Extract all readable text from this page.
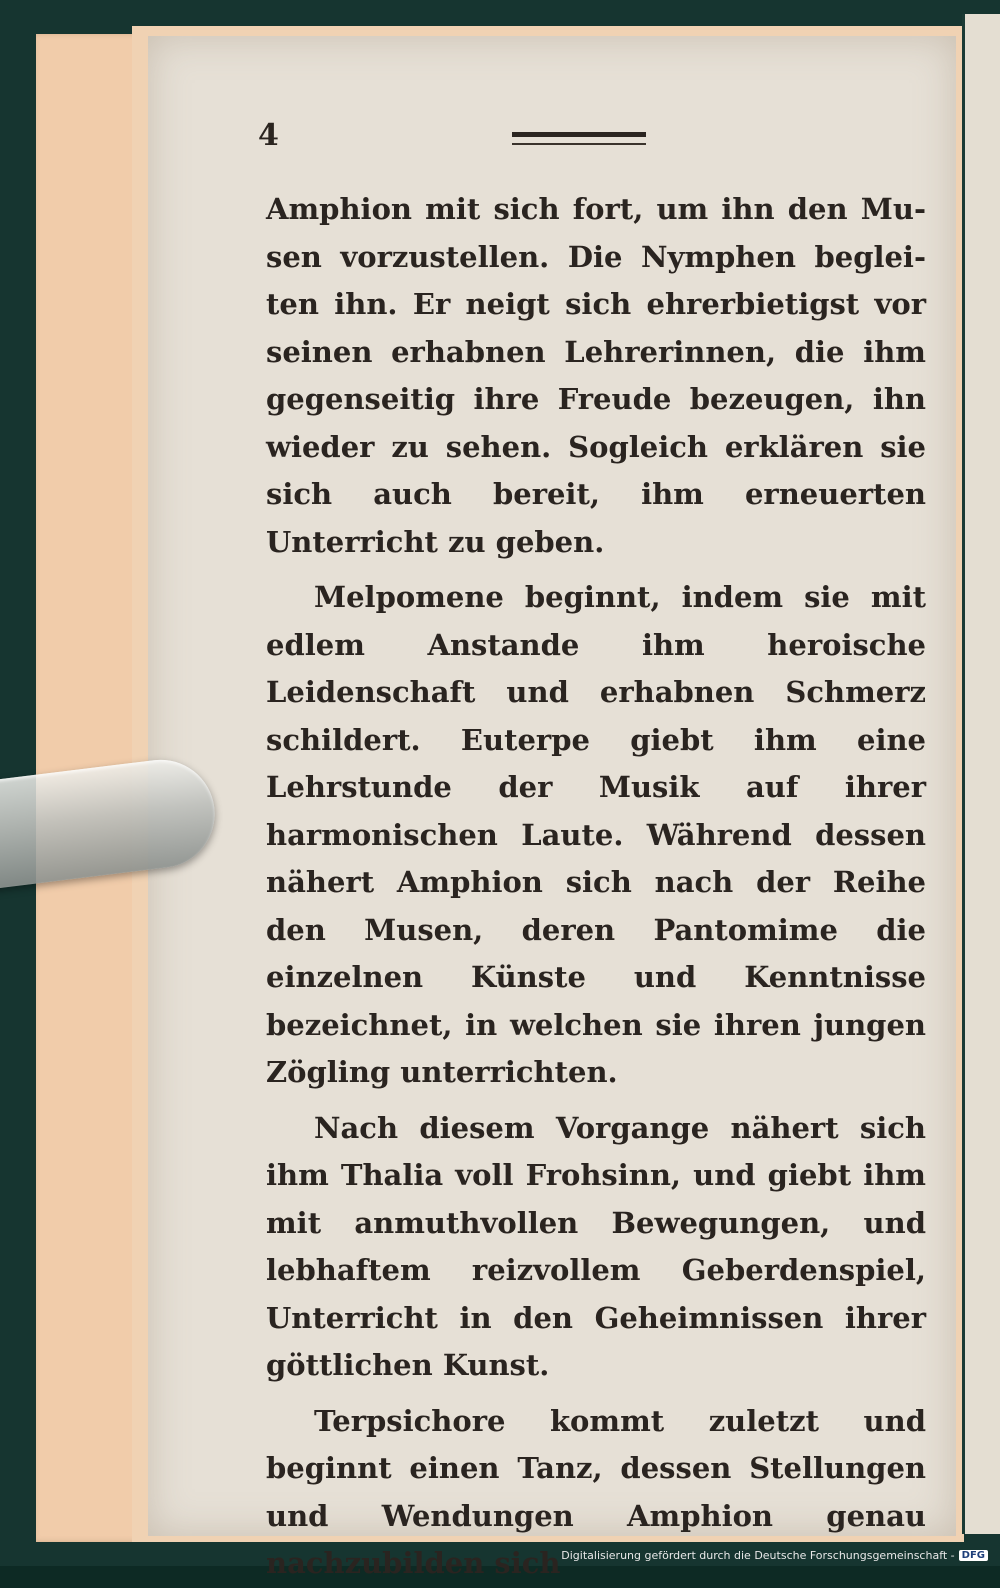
4

Amphion mit sich fort, um ihn den Musen vorzustellen. Die Nymphen begleiten ihn. Er neigt sich ehrerbietigst vor seinen erhabnen Lehrerinnen, die ihm gegenseitig ihre Freude bezeugen, ihn wieder zu sehen. Sogleich erklären sie sich auch bereit, ihm erneuerten Unterricht zu geben.

Melpomene beginnt, indem sie mit edlem Anstande ihm heroische Leidenschaft und erhabnen Schmerz schildert. Euterpe giebt ihm eine Lehrstunde der Musik auf ihrer harmonischen Laute. Während dessen nähert Amphion sich nach der Reihe den Musen, deren Pantomime die einzelnen Künste und Kenntnisse bezeichnet, in welchen sie ihren jungen Zögling unterrichten.

Nach diesem Vorgange nähert sich ihm Thalia voll Frohsinn, und giebt ihm mit anmuthvollen Bewegungen, und lebhaftem reizvollem Geberdenspiel, Unterricht in den Geheimnissen ihrer göttlichen Kunst.

Terpsichore kommt zuletzt und beginnt einen Tanz, dessen Stellungen und Wendungen Amphion genau nachzubilden sich Digitalisierung gefördert durch die Deutsche Forschungsgemeinschaft - DFG
